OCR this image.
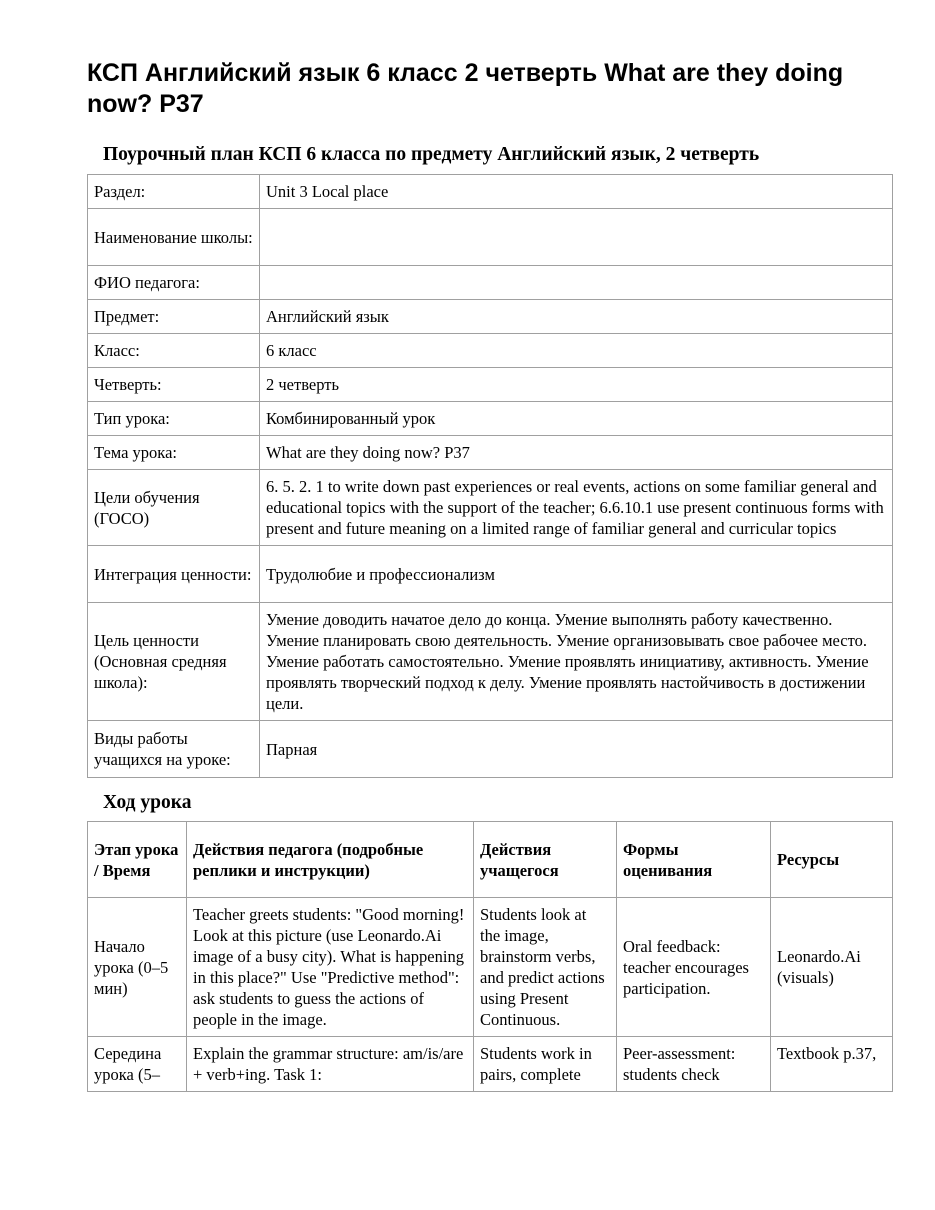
КСП Английский язык 6 класс 2 четверть What are they doing now? P37
Поурочный план КСП 6 класса по предмету Английский язык, 2 четверть
Раздел:	Unit 3 Local place
Наименование школы:	
ФИО педагога:	
Предмет:	Английский язык
Класс:	6 класс
Четверть:	2 четверть
Тип урока:	Комбинированный урок
Тема урока:	What are they doing now? P37
Цели обучения (ГОСО)	6. 5. 2. 1 to write down past experiences or real events, actions on some familiar general and educational topics with the support of the teacher; 6.6.10.1 use present continuous forms with present and future meaning on a limited range of familiar general and curricular topics
Интеграция ценности:	Трудолюбие и профессионализм
Цель ценности (Основная средняя школа):	Умение доводить начатое дело до конца. Умение выполнять работу качественно. Умение планировать свою деятельность. Умение организовывать свое рабочее место. Умение работать самостоятельно. Умение проявлять инициативу, активность. Умение проявлять творческий подход к делу. Умение проявлять настойчивость в достижении цели.
Виды работы учащихся на уроке:	Парная
Ход урока
Этап урока / Время	Действия педагога (подробные реплики и инструкции)	Действия учащегося	Формы оценивания	Ресурсы
Начало урока (0–5 мин)	Teacher greets students: "Good morning! Look at this picture (use Leonardo.Ai image of a busy city). What is happening in this place?" Use "Predictive method": ask students to guess the actions of people in the image.	Students look at the image, brainstorm verbs, and predict actions using Present Continuous.	Oral feedback: teacher encourages participation.	Leonardo.Ai (visuals)
Середина урока (5–	Explain the grammar structure: am/is/are + verb+ing. Task 1:	Students work in pairs, complete	Peer-assessment: students check	Textbook p.37,
